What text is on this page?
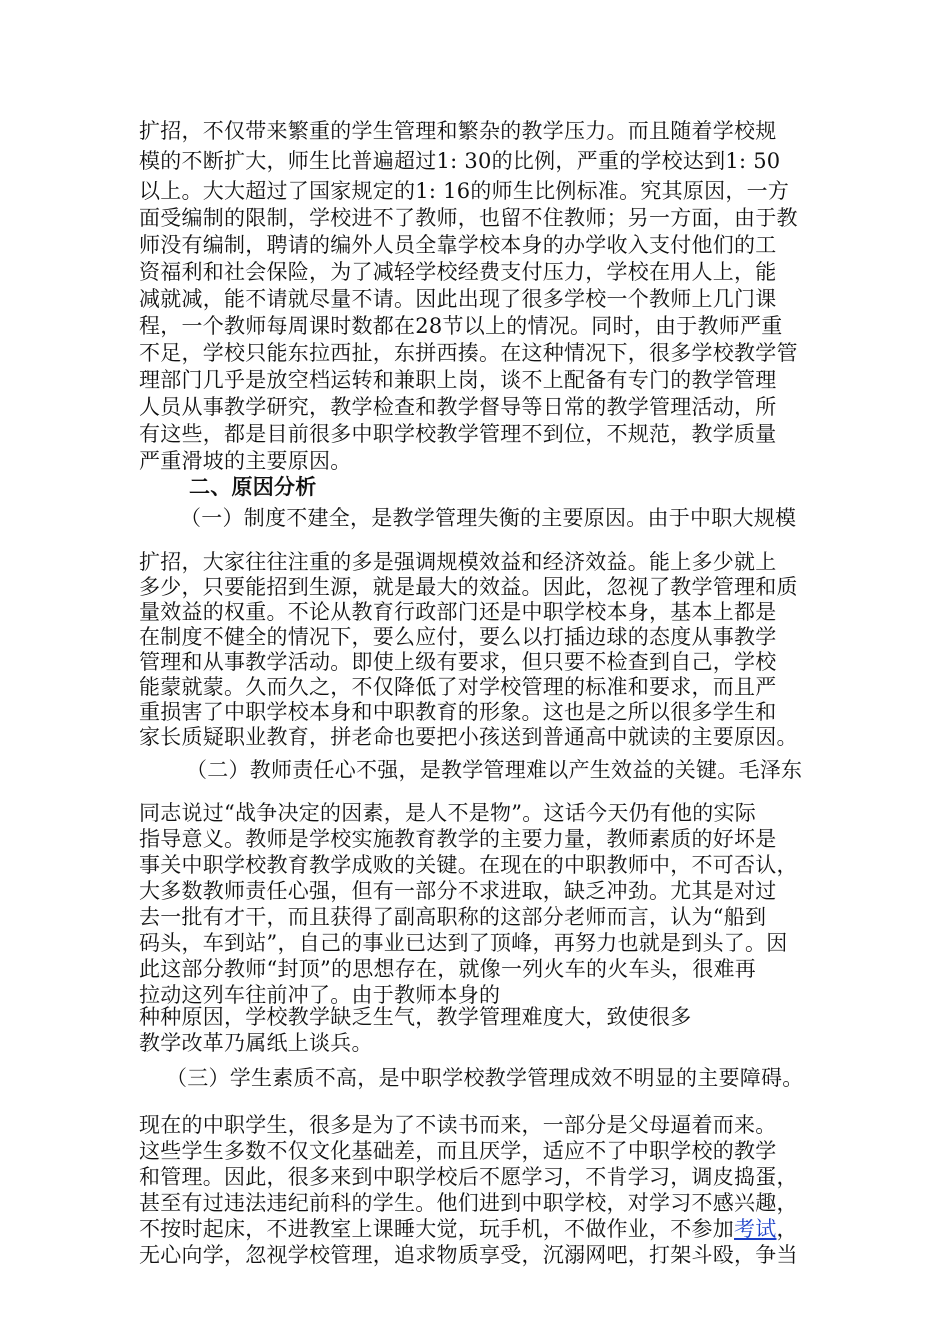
扩招，不仅带来繁重的学生管理和繁杂的教学压力。而且随着学校规
模的不断扩大，师生比普遍超过1: 30的比例，严重的学校达到1: 50
以上。大大超过了国家规定的1: 16的师生比例标准。究其原因，一方
面受编制的限制，学校进不了教师，也留不住教师；另一方面，由于教
师没有编制，聘请的编外人员全靠学校本身的办学收入支付他们的工
资福利和社会保险，为了减轻学校经费支付压力，学校在用人上，能
减就减，能不请就尽量不请。因此出现了很多学校一个教师上几门课
程，一个教师每周课时数都在28节以上的情况。同时，由于教师严重
不足，学校只能东拉西扯，东拼西揍。在这种情况下，很多学校教学管
理部门几乎是放空档运转和兼职上岗，谈不上配备有专门的教学管理
人员从事教学研究，教学检查和教学督导等日常的教学管理活动，所
有这些，都是目前很多中职学校教学管理不到位，不规范，教学质量
严重滑坡的主要原因。
二、原因分析
（一）制度不建全，是教学管理失衡的主要原因。由于中职大规模
扩招，大家往往注重的多是强调规模效益和经济效益。能上多少就上
多少，只要能招到生源，就是最大的效益。因此，忽视了教学管理和质
量效益的权重。不论从教育行政部门还是中职学校本身，基本上都是
在制度不健全的情况下，要么应付，要么以打插边球的态度从事教学
管理和从事教学活动。即使上级有要求，但只要不检查到自己，学校
能蒙就蒙。久而久之，不仅降低了对学校管理的标准和要求，而且严
重损害了中职学校本身和中职教育的形象。这也是之所以很多学生和
家长质疑职业教育，拼老命也要把小孩送到普通高中就读的主要原因。
（二）教师责任心不强，是教学管理难以产生效益的关键。毛泽东
同志说过“战争决定的因素，是人不是物”。这话今天仍有他的实际
指导意义。教师是学校实施教育教学的主要力量，教师素质的好坏是
事关中职学校教育教学成败的关键。在现在的中职教师中，不可否认，
大多数教师责任心强，但有一部分不求进取，缺乏冲劲。尤其是对过
去一批有才干，而且获得了副高职称的这部分老师而言，认为“船到
码头，车到站”，自己的事业已达到了顶峰，再努力也就是到头了。因
此这部分教师“封顶”的思想存在，就像一列火车的火车头，很难再
拉动这列车往前冲了。由于教师本身的
种种原因，学校教学缺乏生气，教学管理难度大，致使很多
教学改革乃属纸上谈兵。
（三）学生素质不高，是中职学校教学管理成效不明显的主要障碍。
现在的中职学生，很多是为了不读书而来，一部分是父母逼着而来。
这些学生多数不仅文化基础差，而且厌学，适应不了中职学校的教学
和管理。因此，很多来到中职学校后不愿学习，不肯学习，调皮捣蛋，
甚至有过违法违纪前科的学生。他们进到中职学校，对学习不感兴趣，
不按时起床，不进教室上课睡大觉，玩手机，不做作业，不参加考试，
无心向学，忽视学校管理，追求物质享受，沉溺网吧，打架斗殴，争当
